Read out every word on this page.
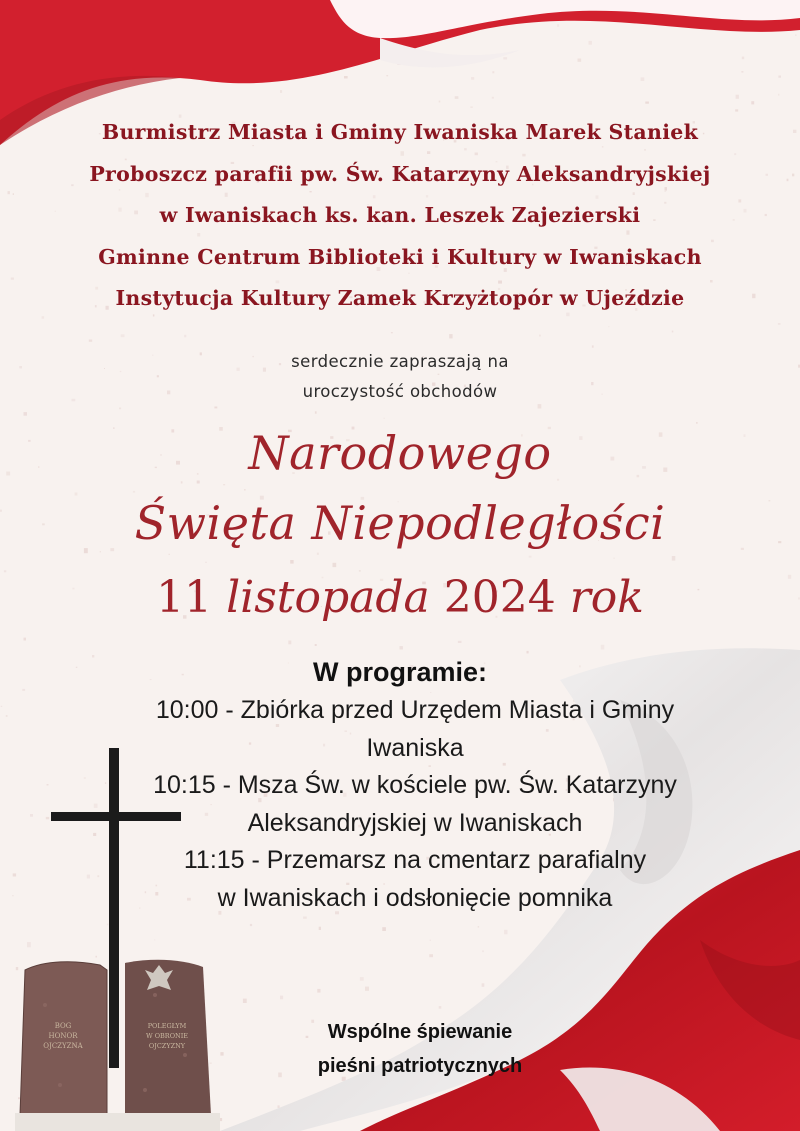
BOG
HONOR
OJCZYZNA
POLEGŁYM
W OBRONIE
OJCZYZNY
Burmistrz Miasta i Gminy Iwaniska Marek Staniek
Proboszcz parafii pw. Św. Katarzyny Aleksandryjskiej
w Iwaniskach ks. kan. Leszek Zajezierski
Gminne Centrum Biblioteki i Kultury w Iwaniskach
Instytucja Kultury Zamek Krzyżtopór w Ujeździe
serdecznie zapraszają na
uroczystość obchodów
Narodowego
Święta Niepodległości
11 listopada 2024 rok
W programie:
10:00 - Zbiórka przed Urzędem Miasta i Gminy
Iwaniska
10:15 - Msza Św. w kościele pw. Św. Katarzyny
Aleksandryjskiej w Iwaniskach
11:15 - Przemarsz na cmentarz parafialny
w Iwaniskach i odsłonięcie pomnika
Wspólne śpiewanie
pieśni patriotycznych
